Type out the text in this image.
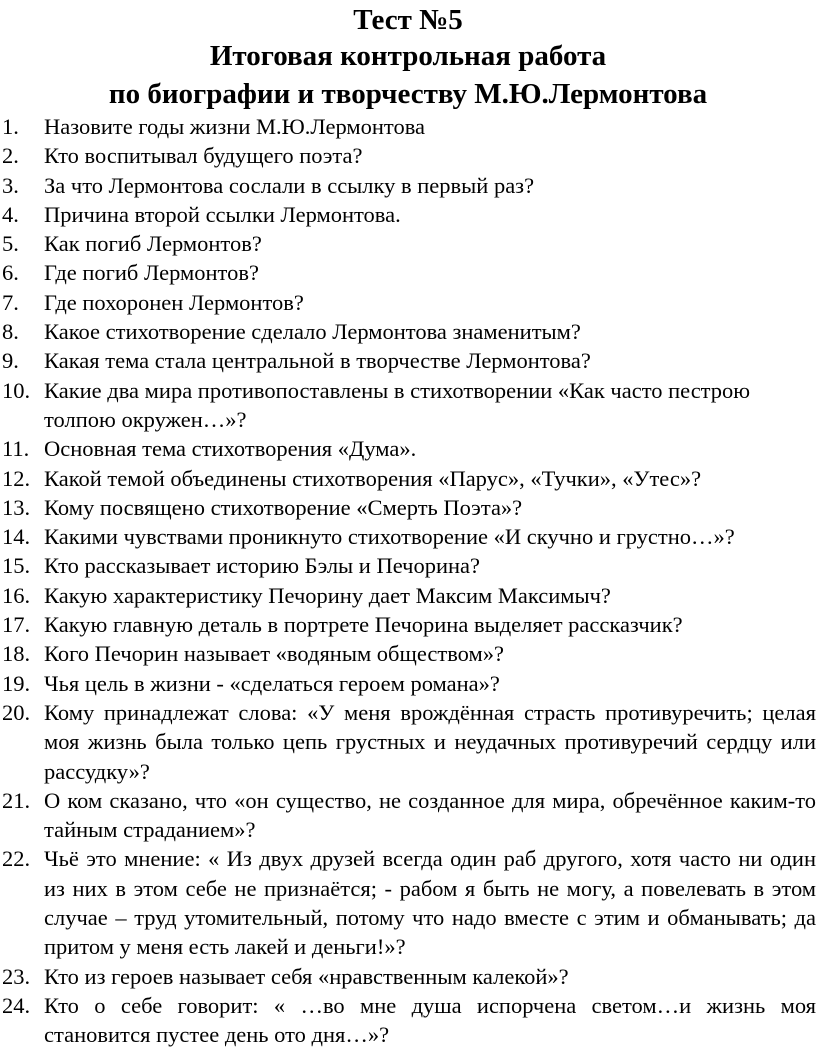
Тест №5
Итоговая контрольная работа
по биографии и творчеству М.Ю.Лермонтова
1.	Назовите годы жизни М.Ю.Лермонтова
2.	Кто воспитывал будущего поэта?
3.	За что Лермонтова сослали в ссылку в первый раз?
4.	Причина второй ссылки Лермонтова.
5.	Как погиб Лермонтов?
6.	Где погиб Лермонтов?
7.	Где похоронен Лермонтов?
8.	Какое стихотворение сделало Лермонтова знаменитым?
9.	Какая тема стала центральной в творчестве Лермонтова?
10. Какие два мира противопоставлены в стихотворении «Как часто пестрою толпою окружен…»?
11. Основная тема стихотворения «Дума».
12. Какой темой объединены стихотворения «Парус», «Тучки», «Утес»?
13. Кому посвящено стихотворение «Смерть Поэта»?
14. Какими чувствами проникнуто стихотворение «И скучно и грустно…»?
15. Кто рассказывает историю Бэлы и Печорина?
16. Какую характеристику Печорину дает Максим Максимыч?
17. Какую главную деталь в портрете Печорина выделяет рассказчик?
18. Кого Печорин называет «водяным обществом»?
19. Чья цель в жизни - «сделаться героем романа»?
20. Кому принадлежат слова: «У меня врождённая страсть противуречить; целая моя жизнь была только цепь грустных и неудачных противуречий сердцу или рассудку»?
21. О ком сказано, что «он существо, не созданное для мира, обречённое каким-то тайным страданием»?
22. Чьё это мнение: « Из двух друзей всегда один раб другого, хотя часто ни один из них в этом себе не признаётся; - рабом я быть не могу, а повелевать в этом случае – труд утомительный, потому что надо вместе с этим и обманывать; да притом у меня есть лакей и деньги!»?
23. Кто из героев называет себя «нравственным калекой»?
24. Кто о себе говорит: « …во мне душа испорчена светом…и жизнь моя становится пустее день ото дня…»?
